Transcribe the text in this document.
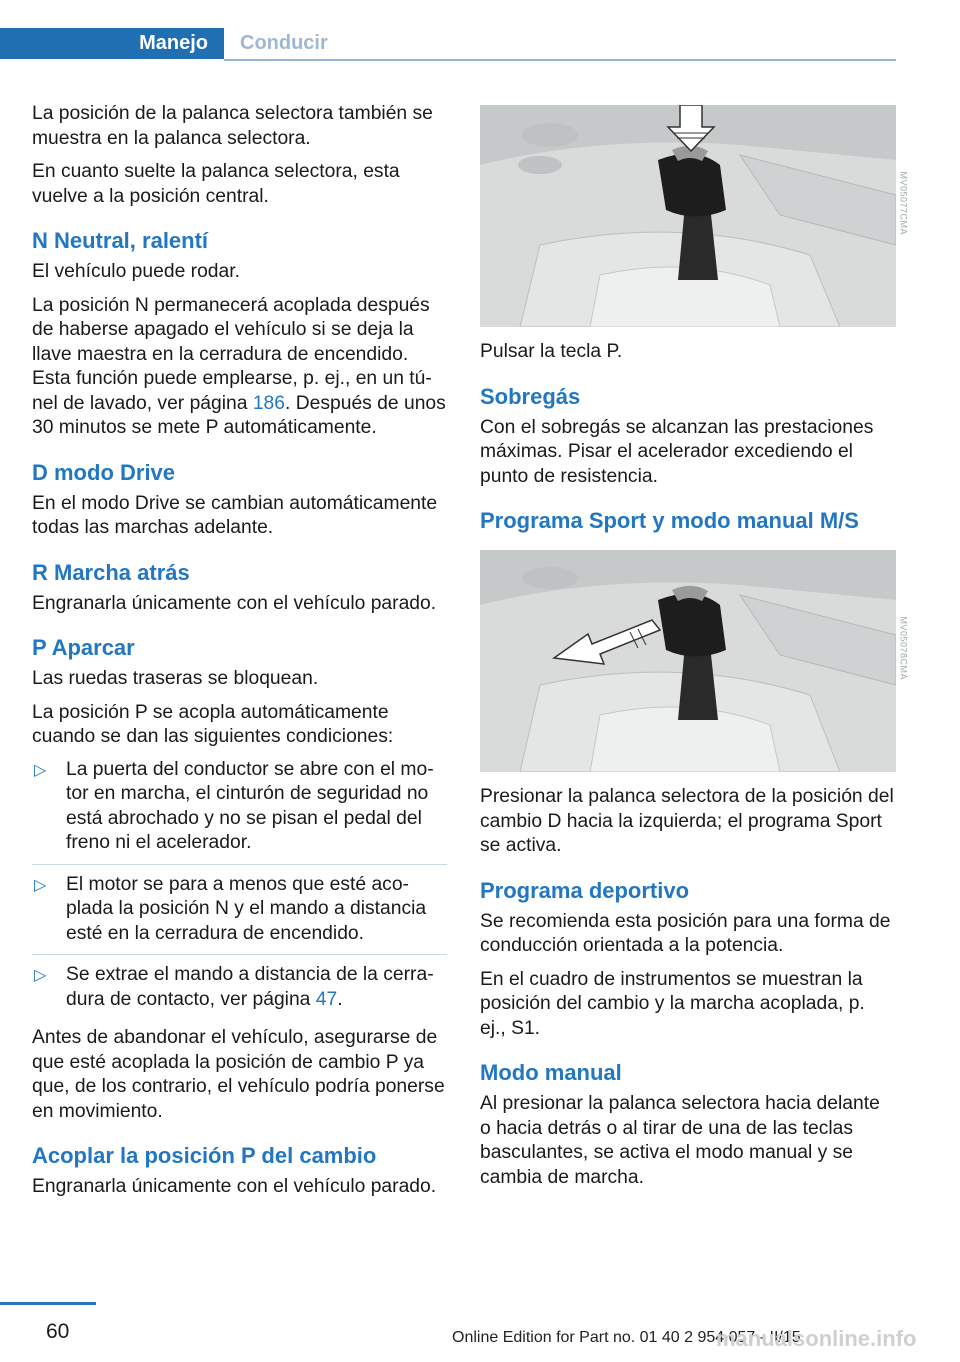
Manejo	Conducir

La posición de la palanca selectora también se muestra en la palanca selectora.

En cuanto suelte la palanca selectora, esta vuelve a la posición central.

N Neutral, ralentí

El vehículo puede rodar.

La posición N permanecerá acoplada después de haberse apagado el vehículo si se deja la llave maestra en la cerradura de encendido. Esta función puede emplearse, p. ej., en un túnel de lavado, ver página 186. Después de unos 30 minutos se mete P automáticamente.

D modo Drive

En el modo Drive se cambian automáticamente todas las marchas adelante.

R Marcha atrás

Engranarla únicamente con el vehículo parado.

P Aparcar

Las ruedas traseras se bloquean.

La posición P se acopla automáticamente cuando se dan las siguientes condiciones:

▷ La puerta del conductor se abre con el motor en marcha, el cinturón de seguridad no está abrochado y no se pisan el pedal del freno ni el acelerador.
▷ El motor se para a menos que esté acoplada la posición N y el mando a distancia esté en la cerradura de encendido.
▷ Se extrae el mando a distancia de la cerradura de contacto, ver página 47.

Antes de abandonar el vehículo, asegurarse de que esté acoplada la posición de cambio P ya que, de los contrario, el vehículo podría ponerse en movimiento.

Acoplar la posición P del cambio

Engranarla únicamente con el vehículo parado.

MV05077CMA

Pulsar la tecla P.

Sobregás

Con el sobregás se alcanzan las prestaciones máximas. Pisar el acelerador excediendo el punto de resistencia.

Programa Sport y modo manual M/S
MV05078CMA

Presionar la palanca selectora de la posición del cambio D hacia la izquierda; el programa Sport se activa.

Programa deportivo

Se recomienda esta posición para una forma de conducción orientada a la potencia.

En el cuadro de instrumentos se muestran la posición del cambio y la marcha acoplada, p. ej., S1.

Modo manual

Al presionar la palanca selectora hacia delante o hacia detrás o al tirar de una de las teclas basculantes, se activa el modo manual y se cambia de marcha.

60	Online Edition for Part no. 01 40 2 954 057 - II/15
manualsonline.info
